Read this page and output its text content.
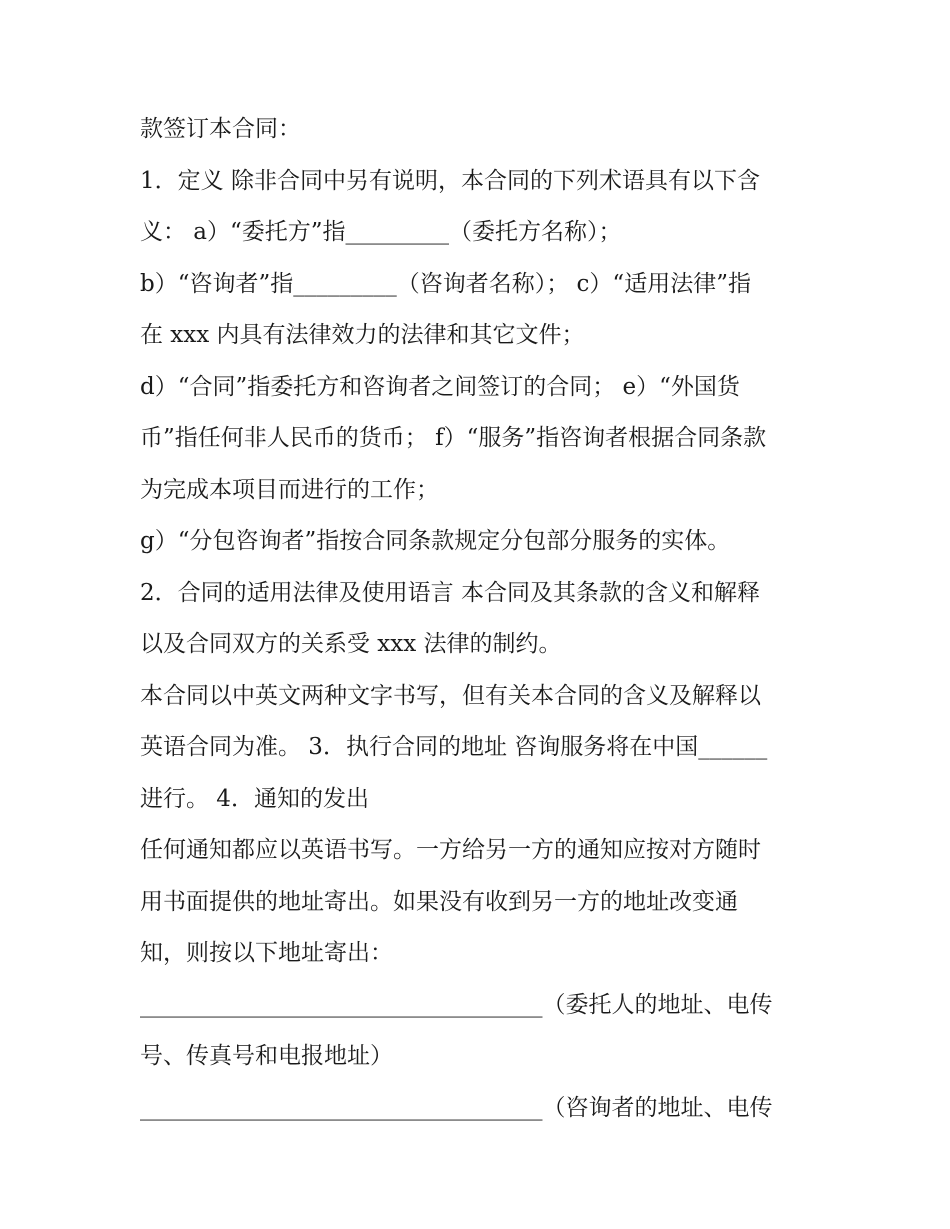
款签订本合同：
1．定义 除非合同中另有说明，本合同的下列术语具有以下含
义： a）“委托方”指_________（委托方名称）；
b）“咨询者”指_________（咨询者名称）； c）“适用法律”指
在 xxx 内具有法律效力的法律和其它文件；
d）“合同”指委托方和咨询者之间签订的合同； e）“外国货
币”指任何非人民币的货币； f）“服务”指咨询者根据合同条款
为完成本项目而进行的工作；
g）“分包咨询者”指按合同条款规定分包部分服务的实体。
2．合同的适用法律及使用语言 本合同及其条款的含义和解释
以及合同双方的关系受 xxx 法律的制约。
本合同以中英文两种文字书写，但有关本合同的含义及解释以
英语合同为准。 3．执行合同的地址 咨询服务将在中国______
进行。 4．通知的发出
任何通知都应以英语书写。一方给另一方的通知应按对方随时
用书面提供的地址寄出。如果没有收到另一方的地址改变通
知，则按以下地址寄出：
___________________________________（委托人的地址、电传
号、传真号和电报地址）
___________________________________（咨询者的地址、电传
